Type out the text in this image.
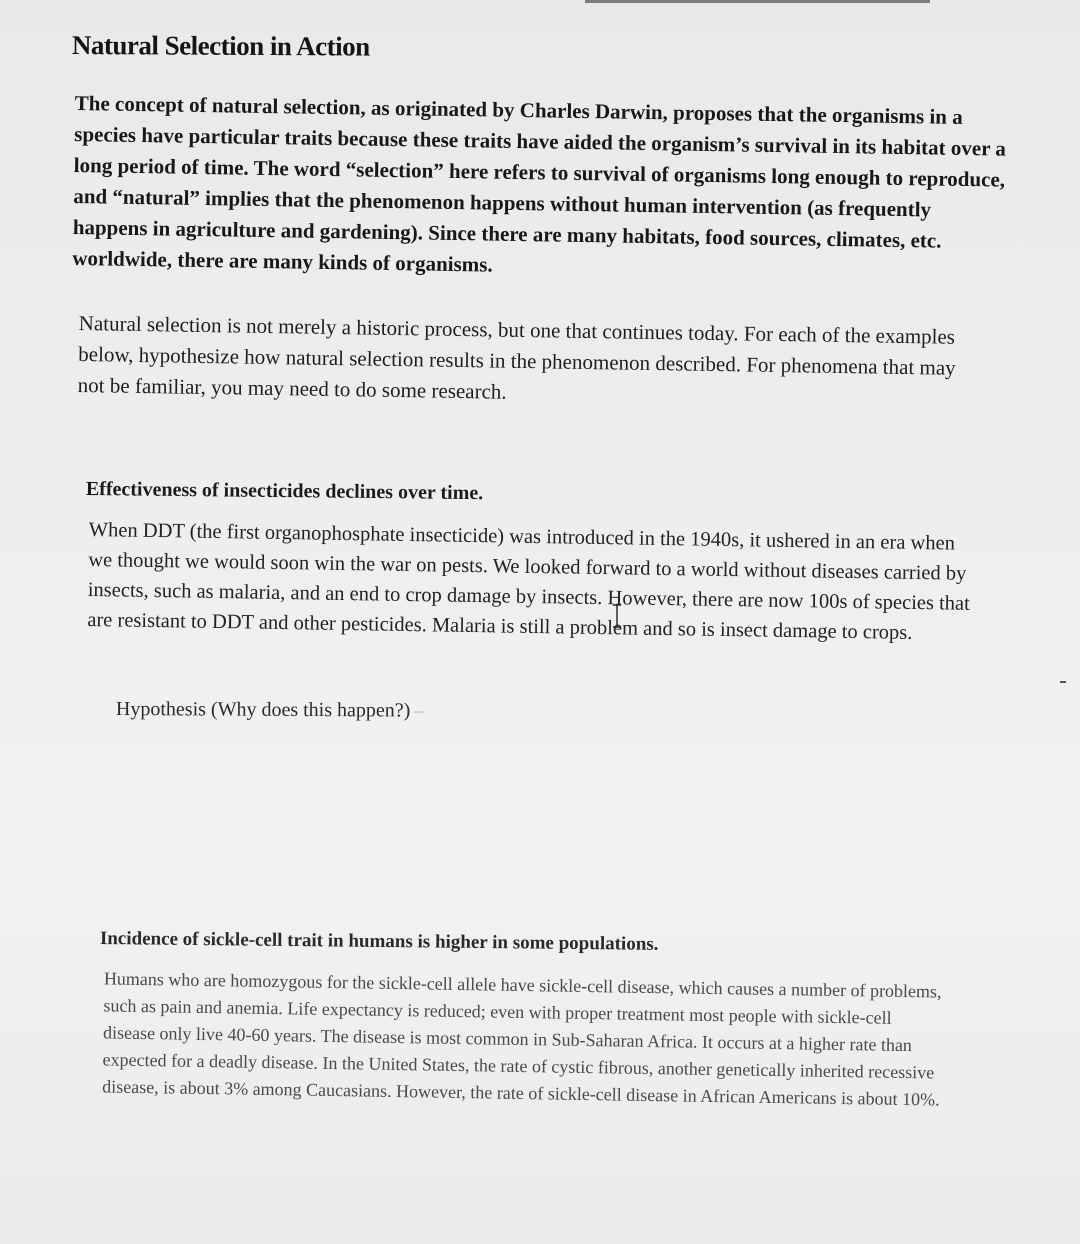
Natural Selection in Action
The concept of natural selection, as originated by Charles Darwin, proposes that the organisms in a species have particular traits because these traits have aided the organism’s survival in its habitat over a long period of time. The word “selection” here refers to survival of organisms long enough to reproduce, and “natural” implies that the phenomenon happens without human intervention (as frequently happens in agriculture and gardening). Since there are many habitats, food sources, climates, etc. worldwide, there are many kinds of organisms.
Natural selection is not merely a historic process, but one that continues today. For each of the examples below, hypothesize how natural selection results in the phenomenon described. For phenomena that may not be familiar, you may need to do some research.
Effectiveness of insecticides declines over time.
When DDT (the first organophosphate insecticide) was introduced in the 1940s, it ushered in an era when we thought we would soon win the war on pests. We looked forward to a world without diseases carried by insects, such as malaria, and an end to crop damage by insects. However, there are now 100s of species that are resistant to DDT and other pesticides. Malaria is still a problem and so is insect damage to crops.
Hypothesis (Why does this happen?)
Incidence of sickle-cell trait in humans is higher in some populations.
Humans who are homozygous for the sickle-cell allele have sickle-cell disease, which causes a number of problems, such as pain and anemia. Life expectancy is reduced; even with proper treatment most people with sickle-cell disease only live 40-60 years. The disease is most common in Sub-Saharan Africa. It occurs at a higher rate than expected for a deadly disease. In the United States, the rate of cystic fibrous, another genetically inherited recessive disease, is about 3% among Caucasians. However, the rate of sickle-cell disease in African Americans is about 10%.
